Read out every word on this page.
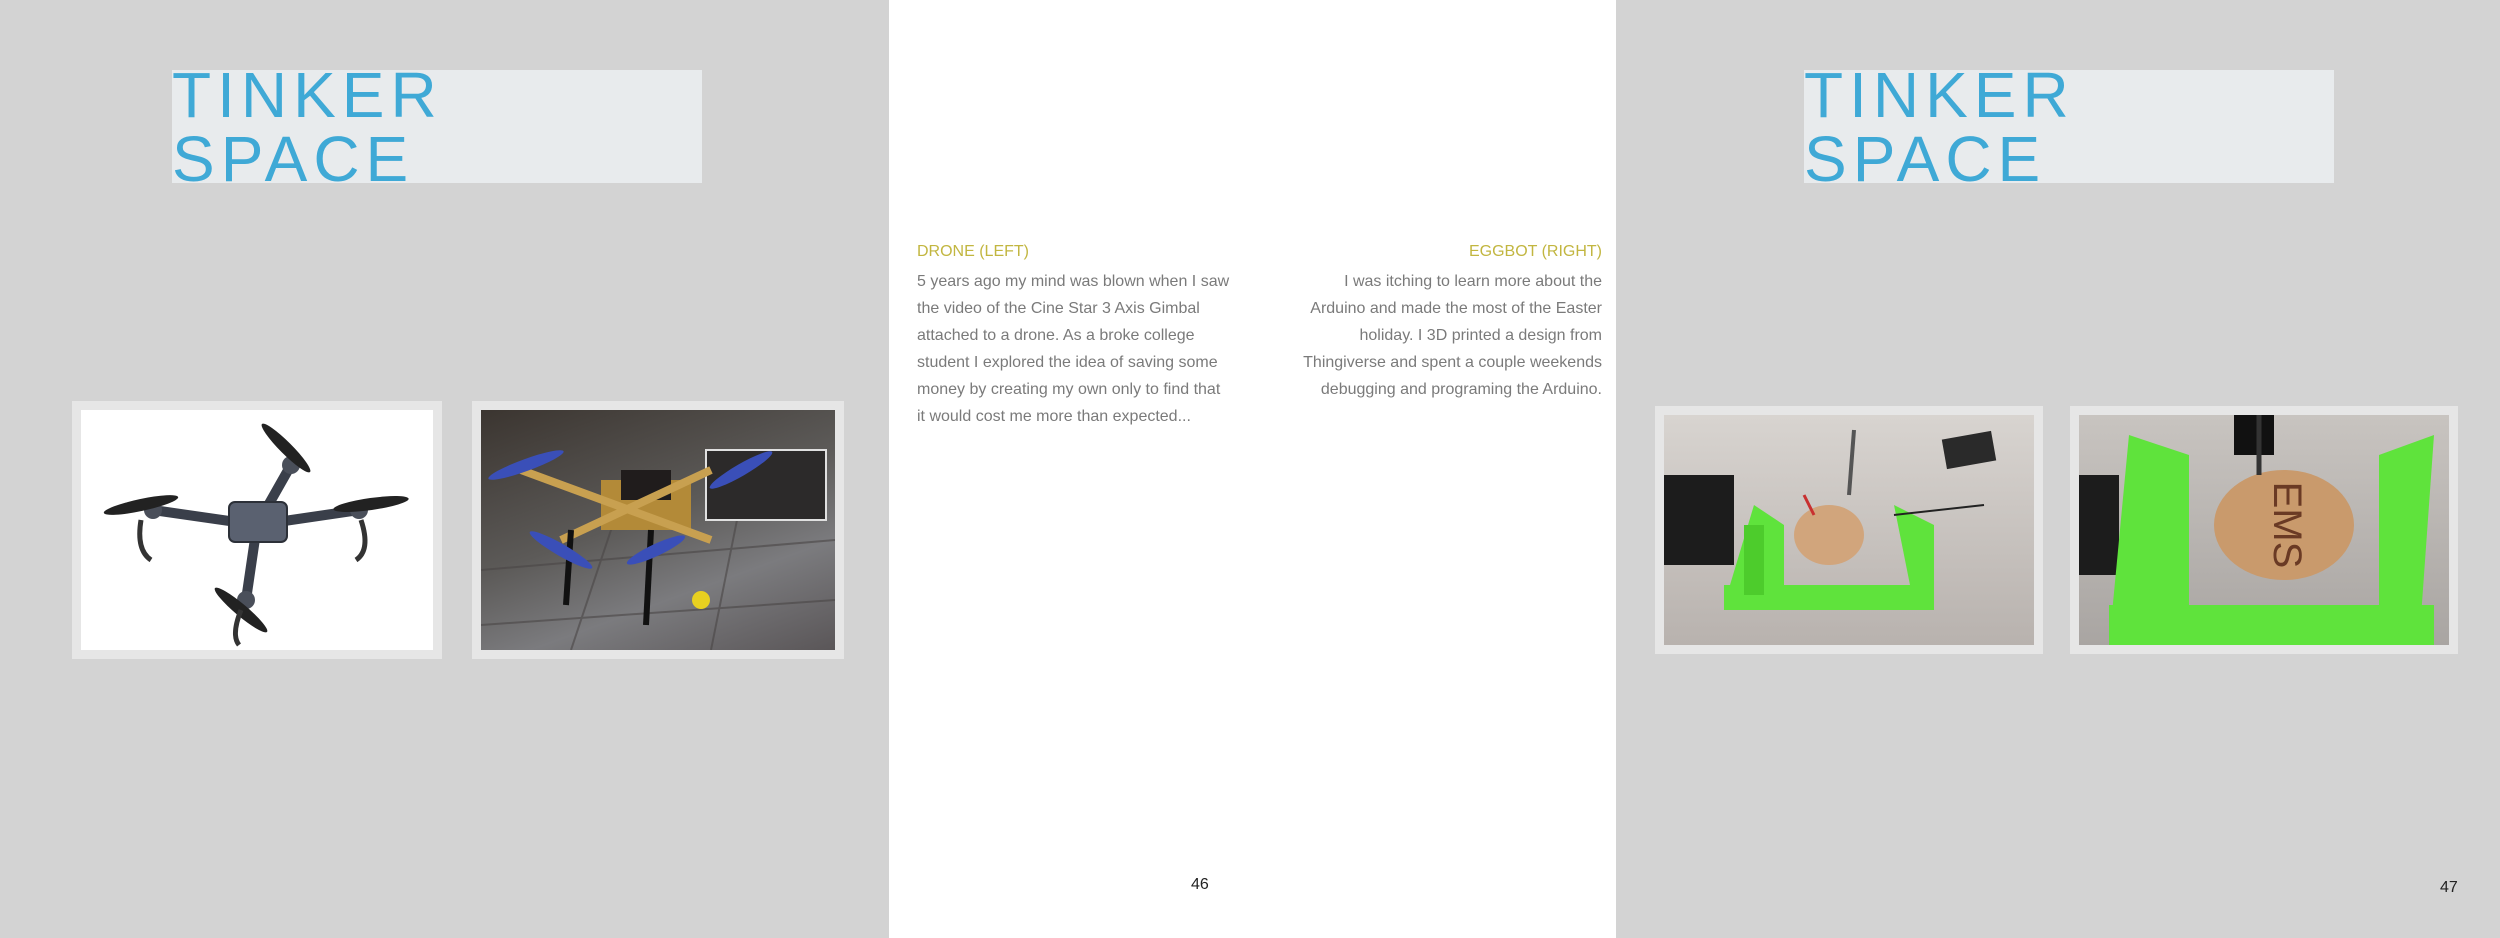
TINKER SPACE
DRONE (LEFT)
5 years ago my mind was blown when I saw
the video of the Cine Star 3 Axis Gimbal
attached to a drone. As a broke college
student I explored the idea of saving some
money by creating my own only to find that
it would cost me more than expected...
EGGBOT (RIGHT)
I was itching to learn more about the
Arduino and made the most of the Easter
holiday. I 3D printed a design from
Thingiverse and spent a couple weekends
debugging and programing the Arduino.
46
TINKER SPACE
EMS
47
